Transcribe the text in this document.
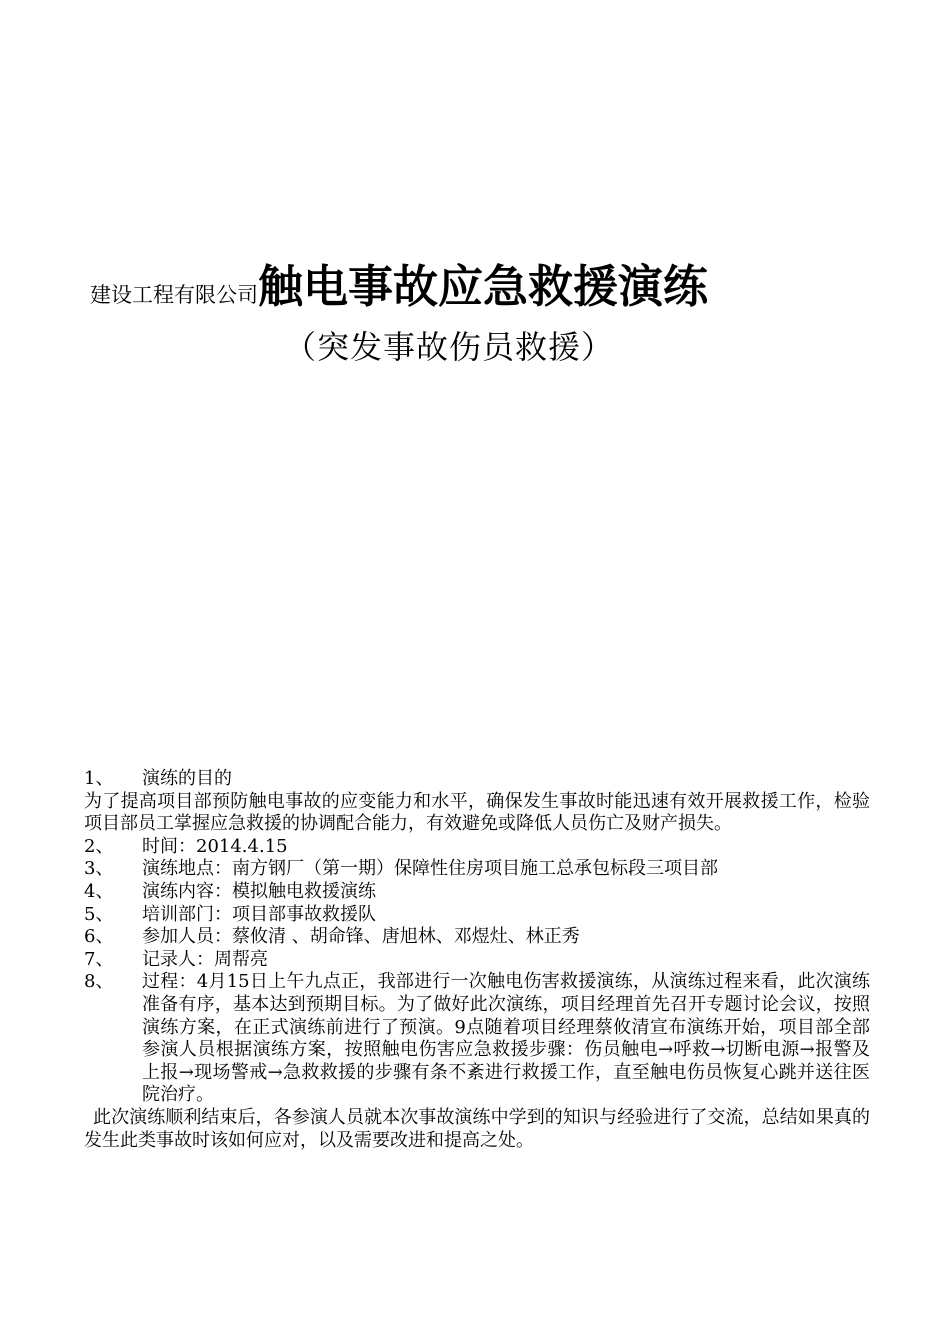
建设工程有限公司触电事故应急救援演练
（突发事故伤员救援）
1、	演练的目的
为了提高项目部预防触电事故的应变能力和水平，确保发生事故时能迅速有效开展救援工作，检验项目部员工掌握应急救援的协调配合能力，有效避免或降低人员伤亡及财产损失。
2、	时间：2014.4.15
3、	演练地点：南方钢厂（第一期）保障性住房项目施工总承包标段三项目部
4、	演练内容：模拟触电救援演练
5、	培训部门：项目部事故救援队
6、	参加人员：蔡攸清 、胡命锋、唐旭林、邓煜灶、林正秀
7、	记录人：周帮亮
8、	过程：4月15日上午九点正，我部进行一次触电伤害救援演练，从演练过程来看，此次演练准备有序，基本达到预期目标。为了做好此次演练，项目经理首先召开专题讨论会议，按照演练方案，在正式演练前进行了预演。9点随着项目经理蔡攸清宣布演练开始，项目部全部参演人员根据演练方案，按照触电伤害应急救援步骤：伤员触电→呼救→切断电源→报警及上报→现场警戒→急救救援的步骤有条不紊进行救援工作，直至触电伤员恢复心跳并送往医院治疗。
此次演练顺利结束后，各参演人员就本次事故演练中学到的知识与经验进行了交流，总结如果真的发生此类事故时该如何应对，以及需要改进和提高之处。
